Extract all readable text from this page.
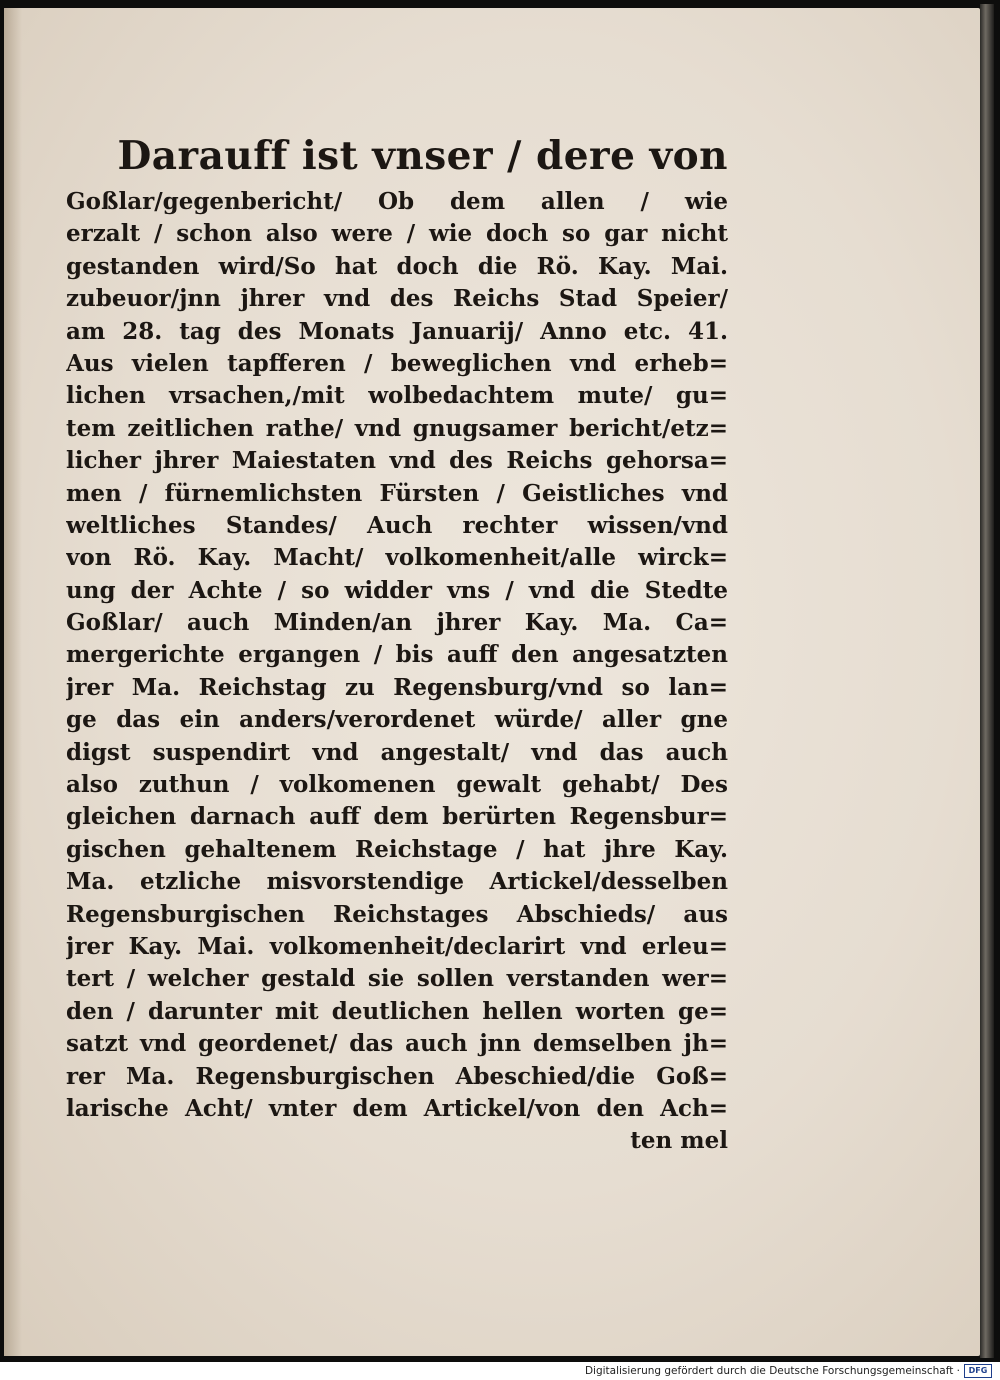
Darauff ist vnser / dere von
Goßlar/gegenbericht/ Ob dem allen / wie
erzalt / schon also were / wie doch so gar nicht
gestanden wird/So hat doch die Rö. Kay. Mai.
zubeuor/jnn jhrer vnd des Reichs Stad Speier/
am 28. tag des Monats Januarij/ Anno etc. 41.
Aus vielen tapfferen / beweglichen vnd erheb=
lichen vrsachen,/mit wolbedachtem mute/ gu=
tem zeitlichen rathe/ vnd gnugsamer bericht/etz=
licher jhrer Maiestaten vnd des Reichs gehorsa=
men / fürnemlichsten Fürsten / Geistliches vnd
weltliches Standes/ Auch rechter wissen/vnd
von Rö. Kay. Macht/ volkomenheit/alle wirck=
ung der Achte / so widder vns / vnd die Stedte
Goßlar/ auch Minden/an jhrer Kay. Ma. Ca=
mergerichte ergangen / bis auff den angesatzten
jrer Ma. Reichstag zu Regensburg/vnd so lan=
ge das ein anders/verordenet würde/ aller gne
digst suspendirt vnd angestalt/ vnd das auch
also zuthun / volkomenen gewalt gehabt/ Des
gleichen darnach auff dem berürten Regensbur=
gischen gehaltenem Reichstage / hat jhre Kay.
Ma. etzliche misvorstendige Artickel/desselben
Regensburgischen Reichstages Abschieds/ aus
jrer Kay. Mai. volkomenheit/declarirt vnd erleu=
tert / welcher gestald sie sollen verstanden wer=
den / darunter mit deutlichen hellen worten ge=
satzt vnd geordenet/ das auch jnn demselben jh=
rer Ma. Regensburgischen Abeschied/die Goß=
larische Acht/ vnter dem Artickel/von den Ach=
ten mel
Digitalisierung gefördert durch die Deutsche Forschungsgemeinschaft ·	DFG
